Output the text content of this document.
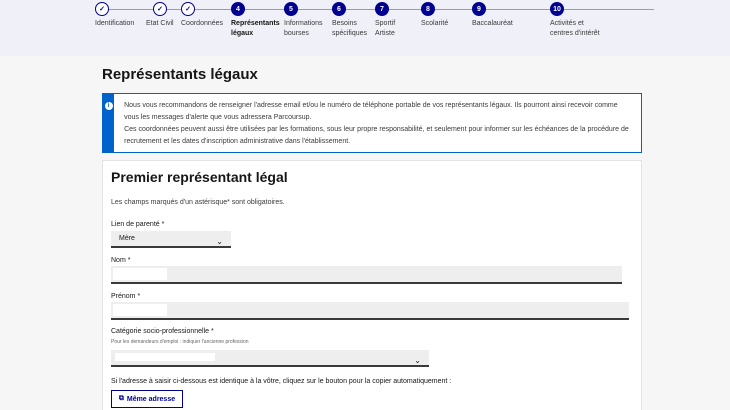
✓
Identification
✓
Etat Civil
✓
Coordonnées
4
Représentants
légaux
5
Informations
bourses
6
Besoins
spécifiques
7
Sportif
Artiste
8
Scolarité
9
Baccalauréat
10
Activités et
centres d'intérêt
Représentants légaux
i	Nous vous recommandons de renseigner l'adresse email et/ou le numéro de téléphone portable de vos représentants légaux. Ils pourront ainsi recevoir comme vous les messages d'alerte que vous adressera Parcoursup.

Ces coordonnées peuvent aussi être utilisées par les formations, sous leur propre responsabilité, et seulement pour informer sur les échéances de la procédure de recrutement et les dates d'inscription administrative dans l'établissement.

Premier représentant légal
Les champs marqués d'un astérisque* sont obligatoires.
Lien de parenté *
Mère	⌄
Nom *
Prénom *
Catégorie socio-professionnelle *
Pour les demandeurs d'emploi : indiquer l'ancienne profession
⌄
Si l'adresse à saisir ci-dessous est identique à la vôtre, cliquez sur le bouton pour la copier automatiquement :
⧉ Même adresse
